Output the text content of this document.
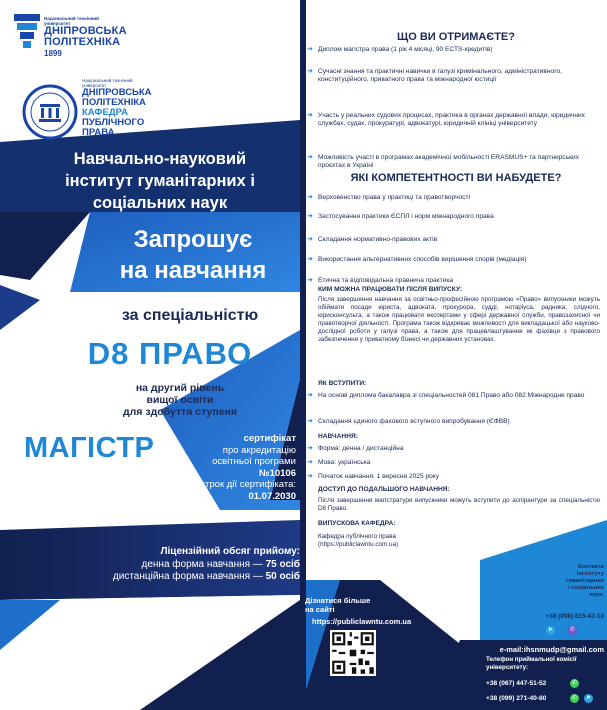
Національний технічний університет
ДНІПРОВСЬКА
ПОЛІТЕХНІКА
1899
Національний технічний університет
ДНІПРОВСЬКА
ПОЛІТЕХНІКА
КАФЕДРА
ПУБЛІЧНОГО
ПРАВА
Навчально-науковий
інститут гуманітарних і
соціальних наук
Запрошує
на навчання
за спеціальністю
D8 ПРАВО
на другий рівень
вищої освіти
для здобуття ступеня
МАГІСТР	сертифікат
про акредитацію
освітньої програми
№10106
строк дії сертифіката:
01.07.2030
Ліцензійний обсяг прийому:
денна форма навчання — 75 осіб
дистанційна форма навчання — 50 осіб
Дізнатися більше
на сайті
https://publiclawntu.com.ua
ЩО ВИ ОТРИМАЄТЕ?
➔ Диплом магістра права (1 рік 4 місяці, 90 ЕСТS-кредитів)
➔ Сучасні знання та практичні навички в галузі кримінального, адміністративного, конституційного, приватного права та міжнародної юстиції
➔ Участь у реальних судових процесах, практика в органах державної влади, юридичних службах, судах, прокуратурі, адвокатурі, юридичній клініці університету
➔ Можливість участі в програмах академічної мобільності ERASMUS+ та партнерських проєктах в Україні
ЯКІ КОМПЕТЕНТНОСТІ ВИ НАБУДЕТЕ?
➔ Верховенство права у практиці та правотворчості
➔ Застосування практики ЄСПЛ і норм міжнародного права
➔ Складання нормативно-правових актів
➔ Використання альтернативних способів вирішення спорів (медіація)
➔ Етична та відповідальна правнича практика
КИМ МОЖНА ПРАЦЮВАТИ ПІСЛЯ ВИПУСКУ:
Після завершення навчання за освітньо-професійною програмою «Право» випускники можуть обіймати посади юриста, адвоката, прокурора, судді, нотаріуса, радника, слідчого, юрисконсульта, а також працювати експертами у сфері державної служби, правозахисної чи правотворчої діяльності. Програма також відкриває можливості для викладацької або науково-дослідної роботи у галузі права, а також для працевлаштування як фахівця з правового забезпечення у приватному бізнесі чи державних установах.
ЯК ВСТУПИТИ:
➔ На основі диплома бакалавра зі спеціальностей 081 Право або 082 Міжнародне право
➔ Складання єдиного фахового вступного випробування (ЄФВВ)
НАВЧАННЯ:
➔ Форма: денна / дистанційна
➔ Мова: українська
➔ Початок навчання: 1 вересня 2025 року
ДОСТУП ДО ПОДАЛЬШОГО НАВЧАННЯ:
Після завершення магістратури випускники можуть вступити до аспірантури за спеціальністю D8 Право.
ВИПУСКОВА КАФЕДРА:
Кафедра публічного права
(https://publiclawntu.com.ua)
Контакти
Інституту
гуманітарних
і соціальних
наук:
+38 (098) 815-43-10
➤	✆
e-mail:ihsnmudp@gmail.com
Телефон приймальної комісії університету:
+38 (067) 447-51-52	✆
+38 (099) 271-40-80	✆	➤
